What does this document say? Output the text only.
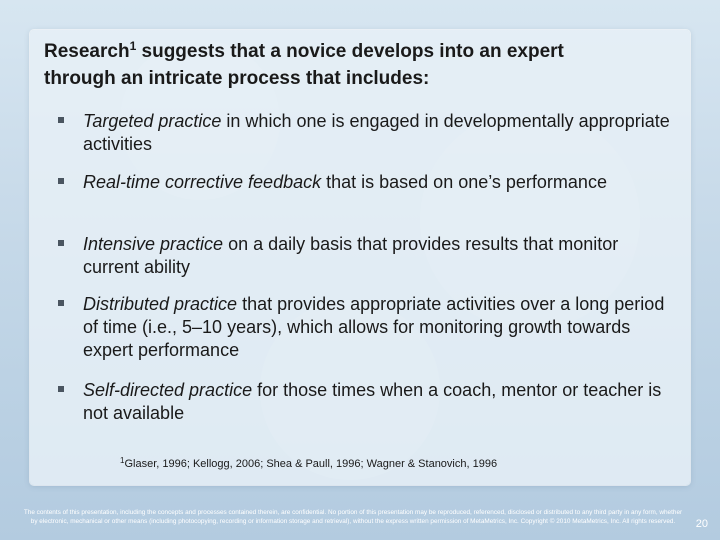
Research$^1$ suggests that a novice develops into an expert
through an intricate process that includes:
Targeted practice in which one is engaged in developmentally appropriate activities
Real-time corrective feedback that is based on one’s performance
Intensive practice on a daily basis that provides results that monitor current ability
Distributed practice that provides appropriate activities over a long period of time (i.e., 5–10 years), which allows for monitoring growth towards expert performance
Self-directed practice for those times when a coach, mentor or teacher is not available
$^1$Glaser, 1996; Kellogg, 2006; Shea & Paull, 1996; Wagner & Stanovich, 1996
The contents of this presentation, including the concepts and processes contained therein, are confidential. No portion of this presentation may be reproduced, referenced, disclosed or distributed to any third party in any form, whether
by electronic, mechanical or other means (including photocopying, recording or information storage and retrieval), without the express written permission of MetaMetrics, Inc. Copyright © 2010 MetaMetrics, Inc. All rights reserved.	20
